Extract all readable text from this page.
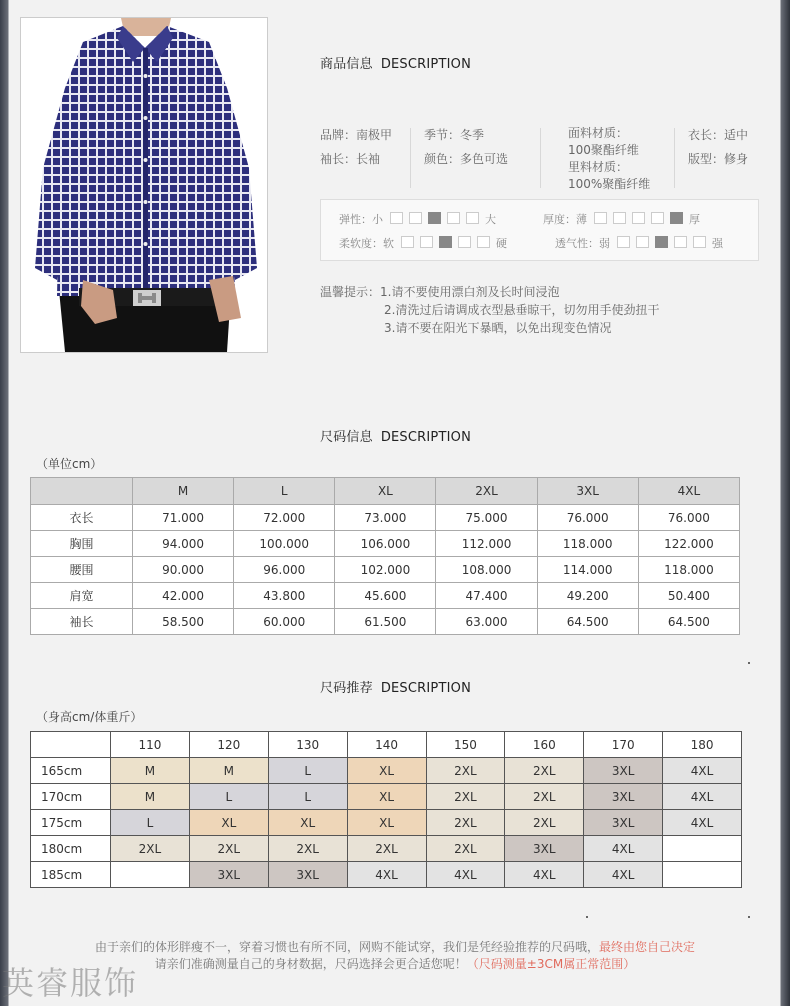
商品信息 DESCRIPTION
品牌：南极甲
袖长：长袖
季节：冬季
颜色：多色可选
面料材质：
100聚酯纤维
里料材质：
100%聚酯纤维
衣长：适中
版型：修身
弹性：小	大	厚度：薄	厚
柔软度：软	硬	透气性：弱	强
温馨提示：1.请不要使用漂白剂及长时间浸泡
2.清洗过后请调成衣型悬垂晾干，切勿用手使劲扭干
3.请不要在阳光下暴晒，以免出现变色情况
尺码信息 DESCRIPTION
（单位cm）
	M	L	XL	2XL	3XL	4XL
衣长	71.000	72.000	73.000	75.000	76.000	76.000
胸围	94.000	100.000	106.000	112.000	118.000	122.000
腰围	90.000	96.000	102.000	108.000	114.000	118.000
肩宽	42.000	43.800	45.600	47.400	49.200	50.400
袖长	58.500	60.000	61.500	63.000	64.500	64.500
尺码推荐 DESCRIPTION
（身高cm/体重斤）
	110	120	130	140	150	160	170	180
165cm	M	M	L	XL	2XL	2XL	3XL	4XL
170cm	M	L	L	XL	2XL	2XL	3XL	4XL
175cm	L	XL	XL	XL	2XL	2XL	3XL	4XL
180cm	2XL	2XL	2XL	2XL	2XL	3XL	4XL	
185cm		3XL	3XL	4XL	4XL	4XL	4XL	
由于亲们的体形胖瘦不一，穿着习惯也有所不同，网购不能试穿，我们是凭经验推荐的尺码哦，最终由您自己决定
请亲们准确测量自己的身材数据，尺码选择会更合适您呢！（尺码测量±3CM属正常范围）
英睿服饰
